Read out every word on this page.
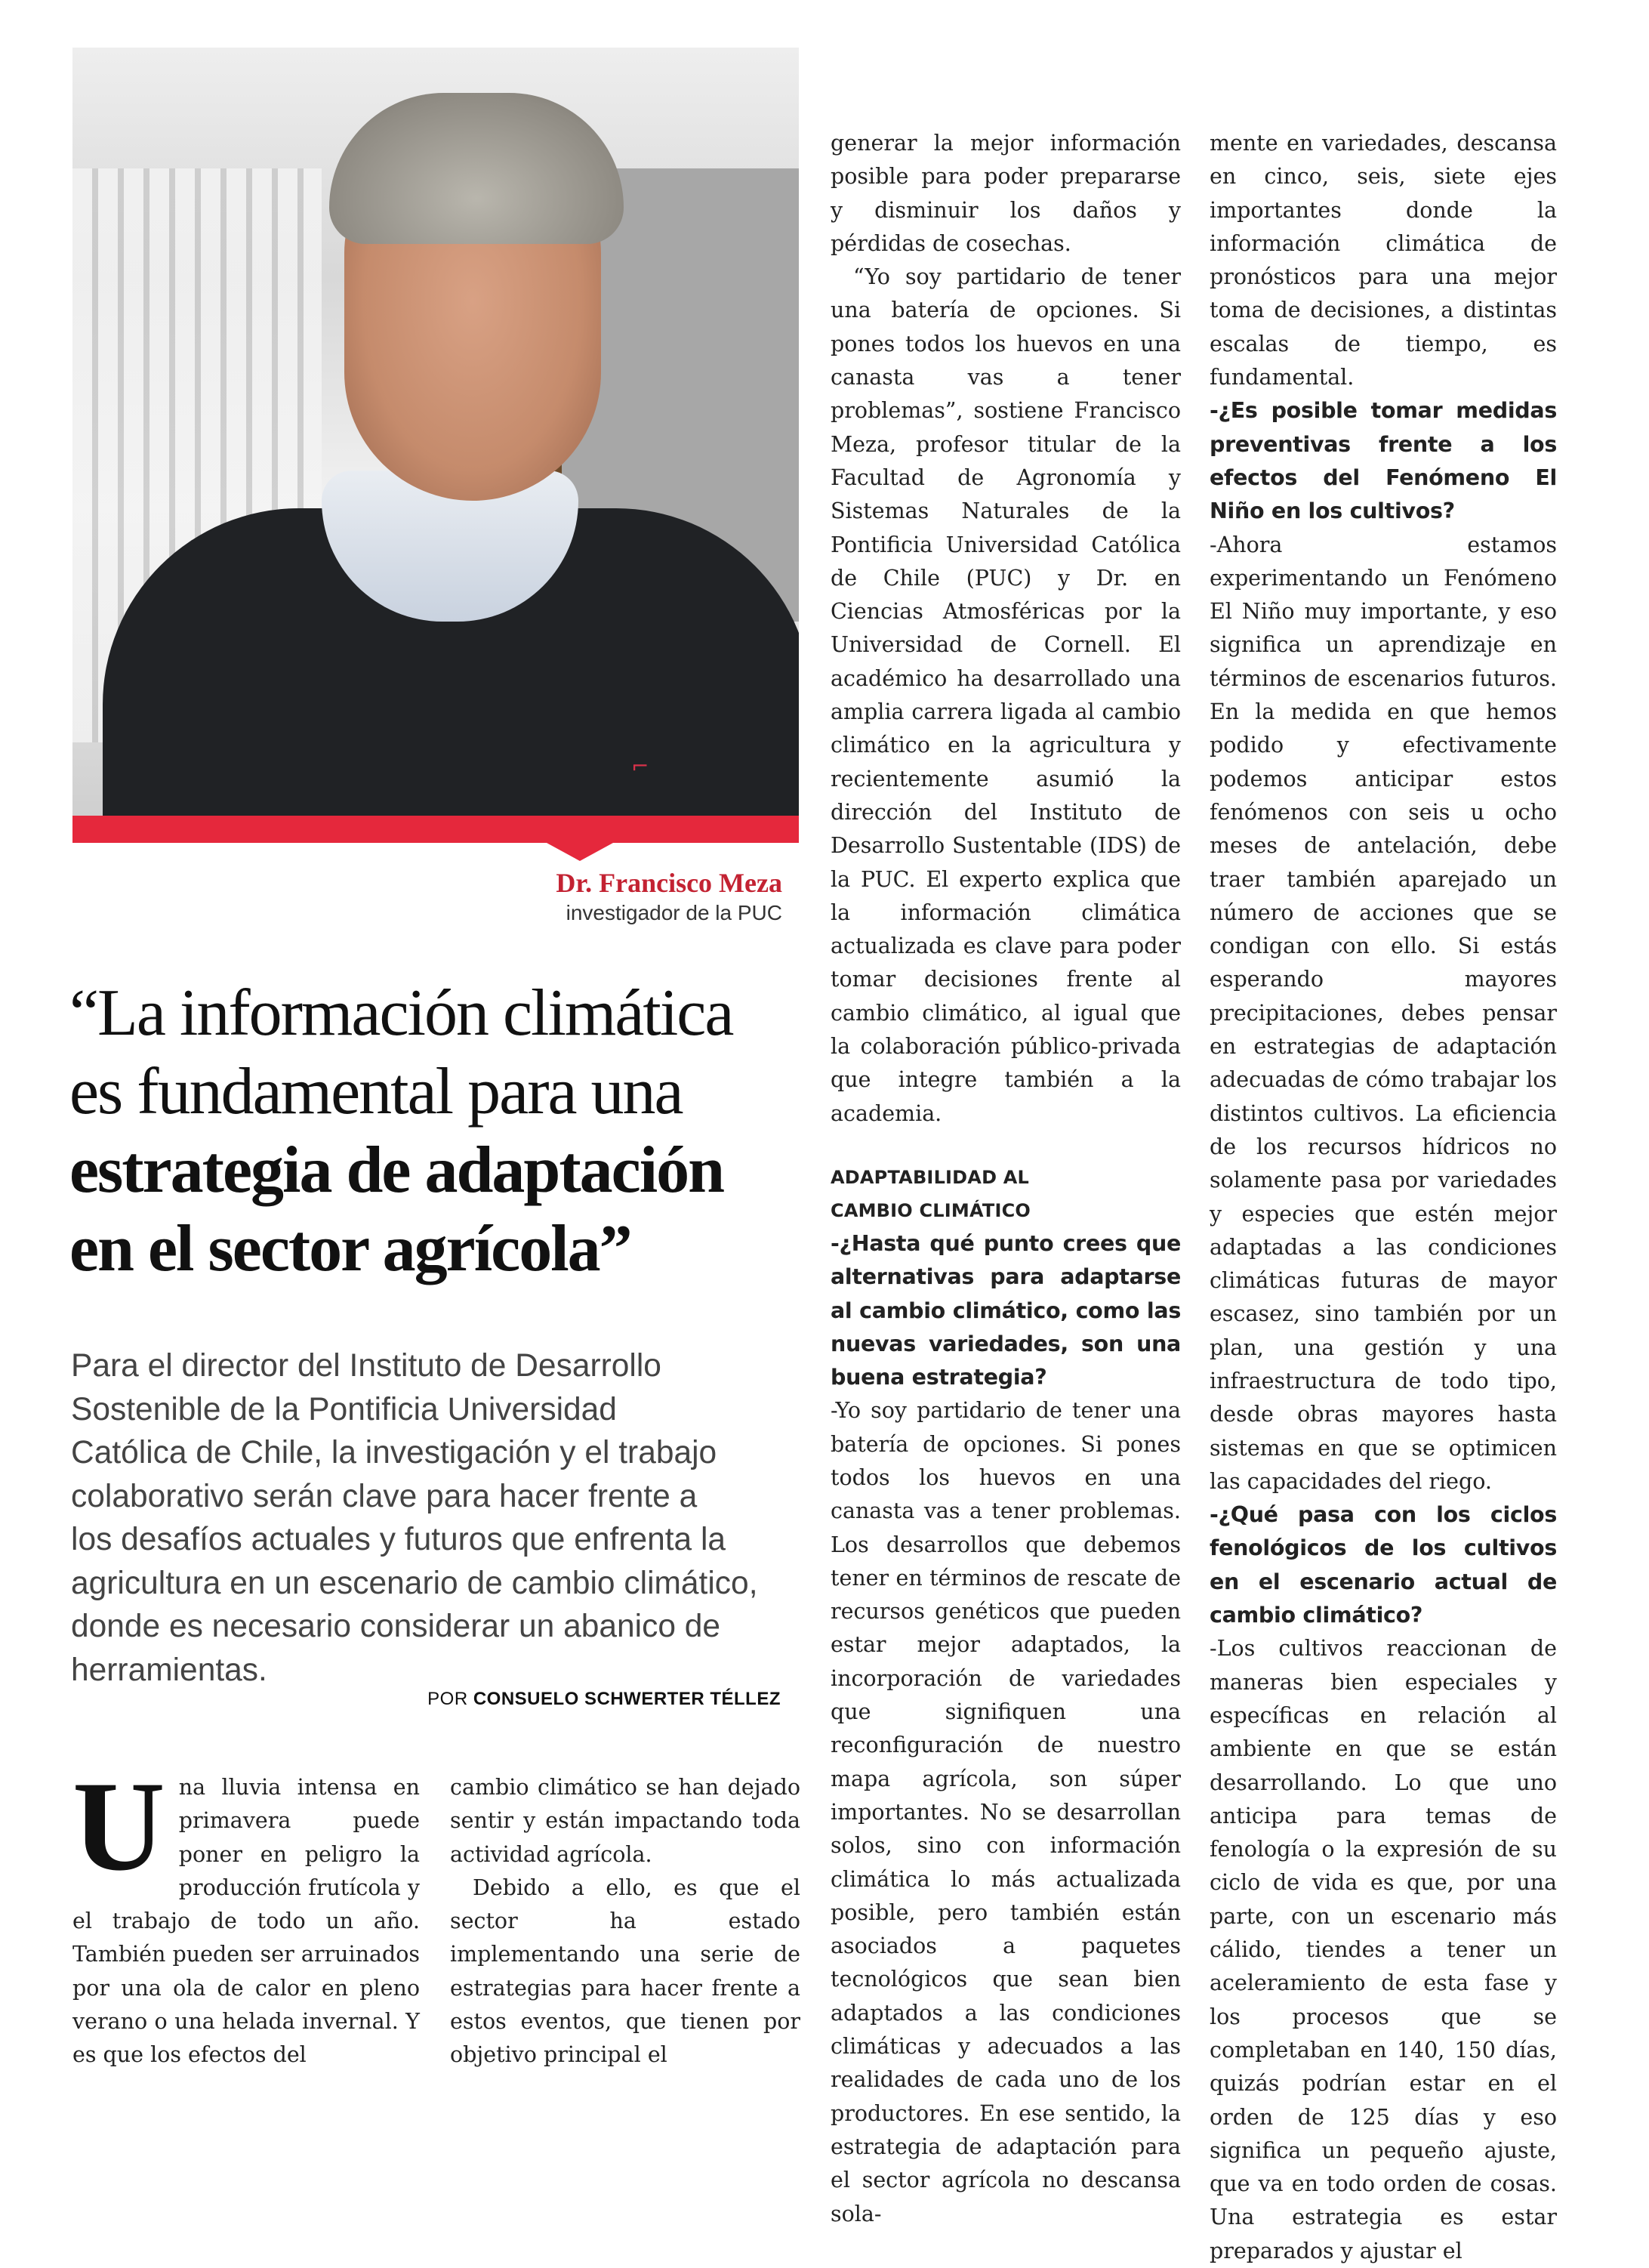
⌐
Dr. Francisco Meza
investigador de la PUC
“La información climática
es fundamental para una
estrategia de adaptación
en el sector agrícola”
Para el director del Instituto de Desarrollo
Sostenible de la Pontificia Universidad
Católica de Chile, la investigación y el trabajo
colaborativo serán clave para hacer frente a
los desafíos actuales y futuros que enfrenta la
agricultura en un escenario de cambio climático,
donde es necesario considerar un abanico de
herramientas.
POR CONSUELO SCHWERTER TÉLLEZ
U na lluvia intensa en primavera puede poner en peligro la producción frutícola y el trabajo de todo un año. También pueden ser arruinados por una ola de calor en pleno verano o una helada invernal. Y es que los efectos del

cambio climático se han dejado sentir y están impactando toda actividad agrícola.

Debido a ello, es que el sector ha estado implementando una serie de estrategias para hacer frente a estos eventos, que tienen por objetivo principal el

generar la mejor información posible para poder prepararse y disminuir los daños y pérdidas de cosechas.

“Yo soy partidario de tener una batería de opciones. Si pones todos los huevos en una canasta vas a tener problemas”, sostiene Francisco Meza, profesor titular de la Facultad de Agronomía y Sistemas Naturales de la Pontificia Universidad Católica de Chile (PUC) y Dr. en Ciencias Atmosféricas por la Universidad de Cornell. El académico ha desarrollado una amplia carrera ligada al cambio climático en la agricultura y recientemente asumió la dirección del Instituto de Desarrollo Sustentable (IDS) de la PUC. El experto explica que la información climática actualizada es clave para poder tomar decisiones frente al cambio climático, al igual que la colaboración público-privada que integre también a la academia.

ADAPTABILIDAD AL
CAMBIO CLIMÁTICO

-¿Hasta qué punto crees que alternativas para adaptarse al cambio climático, como las nuevas variedades, son una buena estrategia?

-Yo soy partidario de tener una batería de opciones. Si pones todos los huevos en una canasta vas a tener problemas. Los desarrollos que debemos tener en términos de rescate de recursos genéticos que pueden estar mejor adaptados, la incorporación de variedades que signifiquen una reconfiguración de nuestro mapa agrícola, son súper importantes. No se desarrollan solos, sino con información climática lo más actualizada posible, pero también están asociados a paquetes tecnológicos que sean bien adaptados a las condiciones climáticas y adecuados a las realidades de cada uno de los productores. En ese sentido, la estrategia de adaptación para el sector agrícola no descansa sola-

mente en variedades, descansa en cinco, seis, siete ejes importantes donde la información climática de pronósticos para una mejor toma de decisiones, a distintas escalas de tiempo, es fundamental.

-¿Es posible tomar medidas preventivas frente a los efectos del Fenómeno El Niño en los cultivos?

-Ahora estamos experimentando un Fenómeno El Niño muy importante, y eso significa un aprendizaje en términos de escenarios futuros. En la medida en que hemos podido y efectivamente podemos anticipar estos fenómenos con seis u ocho meses de antelación, debe traer también aparejado un número de acciones que se condigan con ello. Si estás esperando mayores precipitaciones, debes pensar en estrategias de adaptación adecuadas de cómo trabajar los distintos cultivos. La eficiencia de los recursos hídricos no solamente pasa por variedades y especies que estén mejor adaptadas a las condiciones climáticas futuras de mayor escasez, sino también por un plan, una gestión y una infraestructura de todo tipo, desde obras mayores hasta sistemas en que se optimicen las capacidades del riego.

-¿Qué pasa con los ciclos fenológicos de los cultivos en el escenario actual de cambio climático?

-Los cultivos reaccionan de maneras bien especiales y específicas en relación al ambiente en que se están desarrollando. Lo que uno anticipa para temas de fenología o la expresión de su ciclo de vida es que, por una parte, con un escenario más cálido, tiendes a tener un aceleramiento de esta fase y los procesos que se completaban en 140, 150 días, quizás podrían estar en el orden de 125 días y eso significa un pequeño ajuste, que va en todo orden de cosas. Una estrategia es estar preparados y ajustar el
